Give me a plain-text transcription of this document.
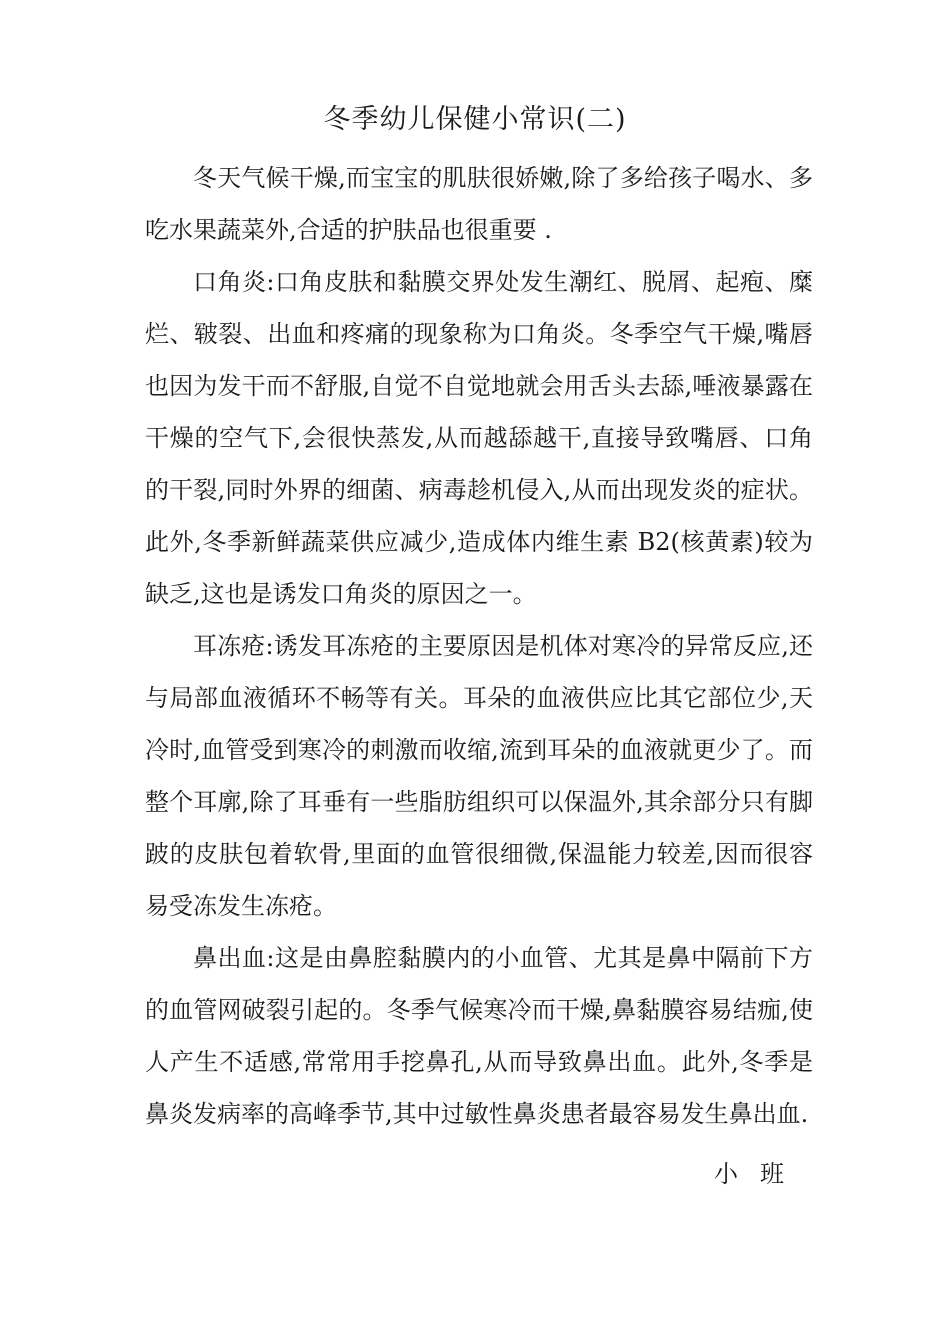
冬季幼儿保健小常识(二)

冬天气候干燥,而宝宝的肌肤很娇嫩,除了多给孩子喝水、多吃水果蔬菜外,合适的护肤品也很重要 .

口角炎:口角皮肤和黏膜交界处发生潮红、脱屑、起疱、糜烂、皲裂、出血和疼痛的现象称为口角炎。冬季空气干燥,嘴唇也因为发干而不舒服,自觉不自觉地就会用舌头去舔,唾液暴露在干燥的空气下,会很快蒸发,从而越舔越干,直接导致嘴唇、口角的干裂,同时外界的细菌、病毒趁机侵入,从而出现发炎的症状。此外,冬季新鲜蔬菜供应减少,造成体内维生素 B2(核黄素)较为缺乏,这也是诱发口角炎的原因之一。

耳冻疮:诱发耳冻疮的主要原因是机体对寒冷的异常反应,还与局部血液循环不畅等有关。耳朵的血液供应比其它部位少,天冷时,血管受到寒冷的刺激而收缩,流到耳朵的血液就更少了。而整个耳廓,除了耳垂有一些脂肪组织可以保温外,其余部分只有脚跛的皮肤包着软骨,里面的血管很细微,保温能力较差,因而很容易受冻发生冻疮。

鼻出血:这是由鼻腔黏膜内的小血管、尤其是鼻中隔前下方的血管网破裂引起的。冬季气候寒冷而干燥,鼻黏膜容易结痂,使人产生不适感,常常用手挖鼻孔,从而导致鼻出血。此外,冬季是鼻炎发病率的高峰季节,其中过敏性鼻炎患者最容易发生鼻出血.

小班
